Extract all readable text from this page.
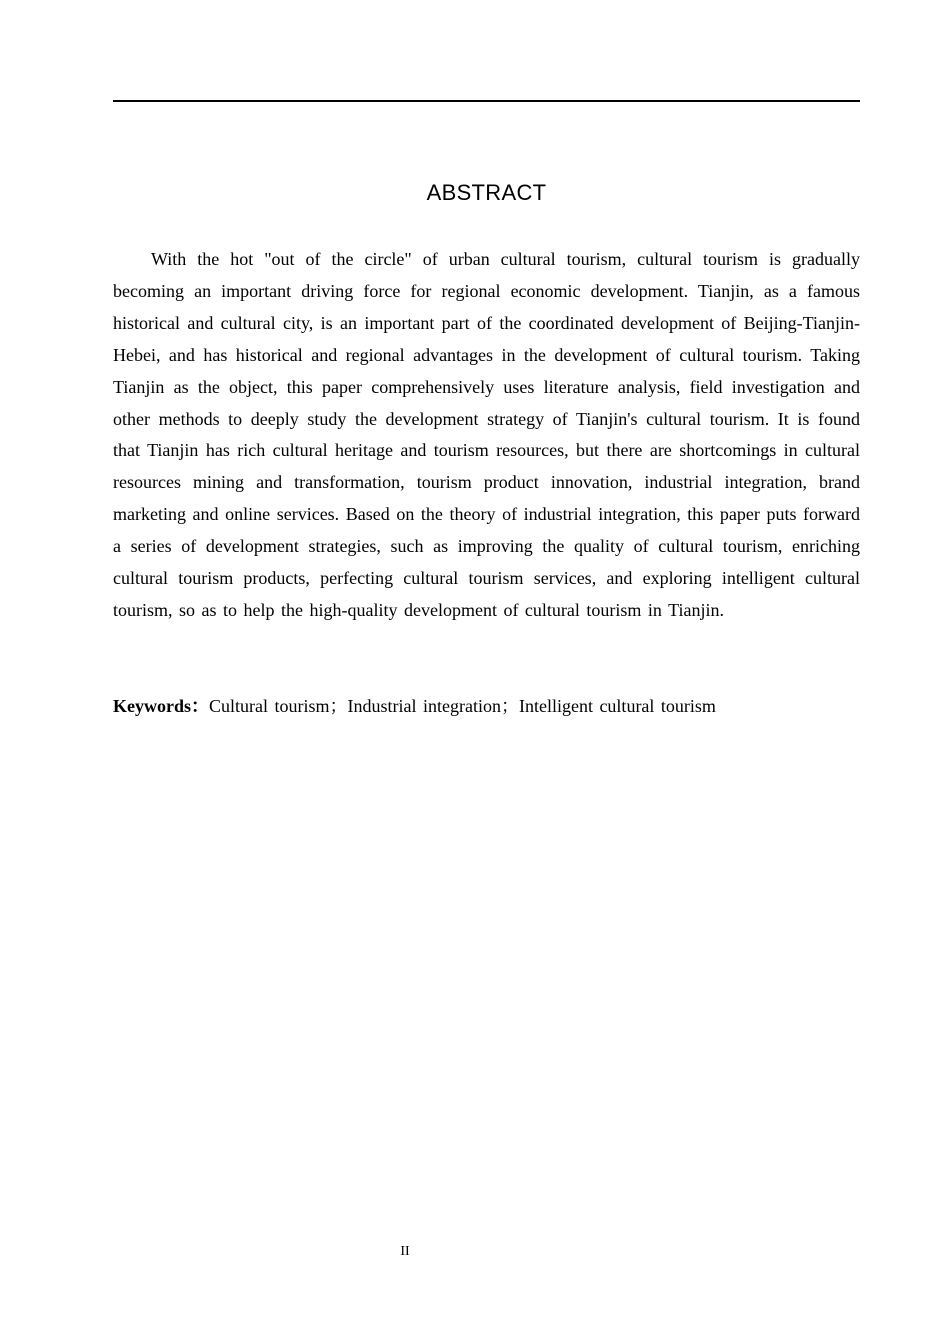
ABSTRACT

With the hot "out of the circle" of urban cultural tourism, cultural tourism is gradually becoming an important driving force for regional economic development. Tianjin, as a famous historical and cultural city, is an important part of the coordinated development of Beijing-Tianjin-Hebei, and has historical and regional advantages in the development of cultural tourism. Taking Tianjin as the object, this paper comprehensively uses literature analysis, field investigation and other methods to deeply study the development strategy of Tianjin's cultural tourism. It is found that Tianjin has rich cultural heritage and tourism resources, but there are shortcomings in cultural resources mining and transformation, tourism product innovation, industrial integration, brand marketing and online services. Based on the theory of industrial integration, this paper puts forward a series of development strategies, such as improving the quality of cultural tourism, enriching cultural tourism products, perfecting cultural tourism services, and exploring intelligent cultural tourism, so as to help the high-quality development of cultural tourism in Tianjin.

Keywords：Cultural tourism；Industrial integration；Intelligent cultural tourism

II
